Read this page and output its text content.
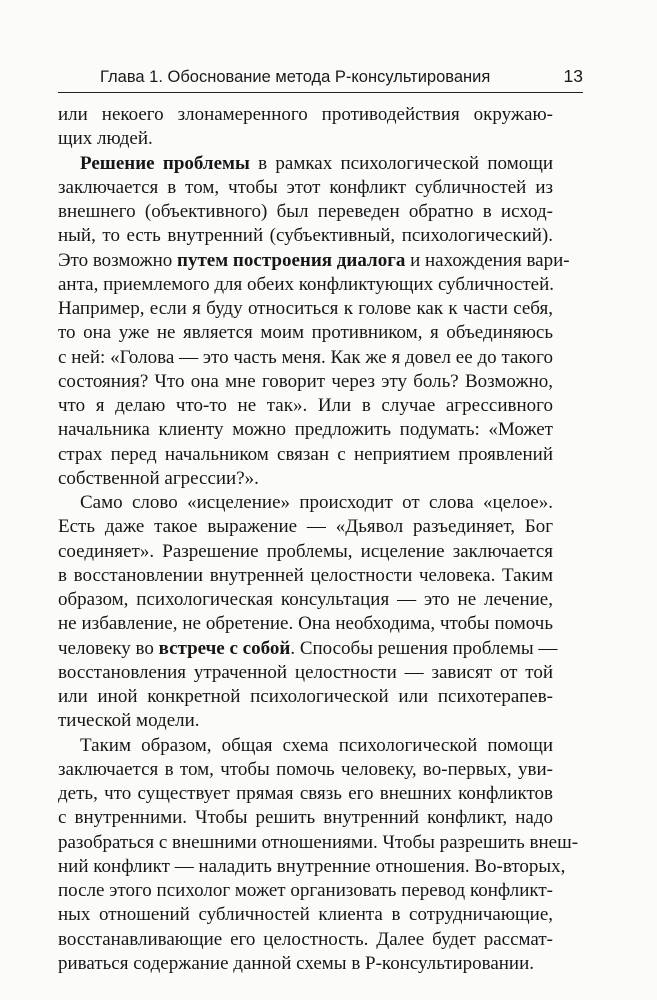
Глава 1. Обоснование метода Р-консультирования	13
или некоего злонамеренного противодействия окружаю-
щих людей.
Решение проблемы в рамках психологической помощи
заключается в том, чтобы этот конфликт субличностей из
внешнего (объективного) был переведен обратно в исход-
ный, то есть внутренний (субъективный, психологический).
Это возможно путем построения диалога и нахождения вари-
анта, приемлемого для обеих конфликтующих субличностей.
Например, если я буду относиться к голове как к части себя,
то она уже не является моим противником, я объединяюсь
с ней: «Голова — это часть меня. Как же я довел ее до такого
состояния? Что она мне говорит через эту боль? Возможно,
что я делаю что-то не так». Или в случае агрессивного
начальника клиенту можно предложить подумать: «Может
страх перед начальником связан с неприятием проявлений
собственной агрессии?».
Само слово «исцеление» происходит от слова «целое».
Есть даже такое выражение — «Дьявол разъединяет, Бог
соединяет». Разрешение проблемы, исцеление заключается
в восстановлении внутренней целостности человека. Таким
образом, психологическая консультация — это не лечение,
не избавление, не обретение. Она необходима, чтобы помочь
человеку во встрече с собой. Способы решения проблемы —
восстановления утраченной целостности — зависят от той
или иной конкретной психологической или психотерапев-
тической модели.
Таким образом, общая схема психологической помощи
заключается в том, чтобы помочь человеку, во-первых, уви-
деть, что существует прямая связь его внешних конфликтов
с внутренними. Чтобы решить внутренний конфликт, надо
разобраться с внешними отношениями. Чтобы разрешить внеш-
ний конфликт — наладить внутренние отношения. Во-вторых,
после этого психолог может организовать перевод конфликт-
ных отношений субличностей клиента в сотрудничающие,
восстанавливающие его целостность. Далее будет рассмат-
риваться содержание данной схемы в Р-консультировании.
